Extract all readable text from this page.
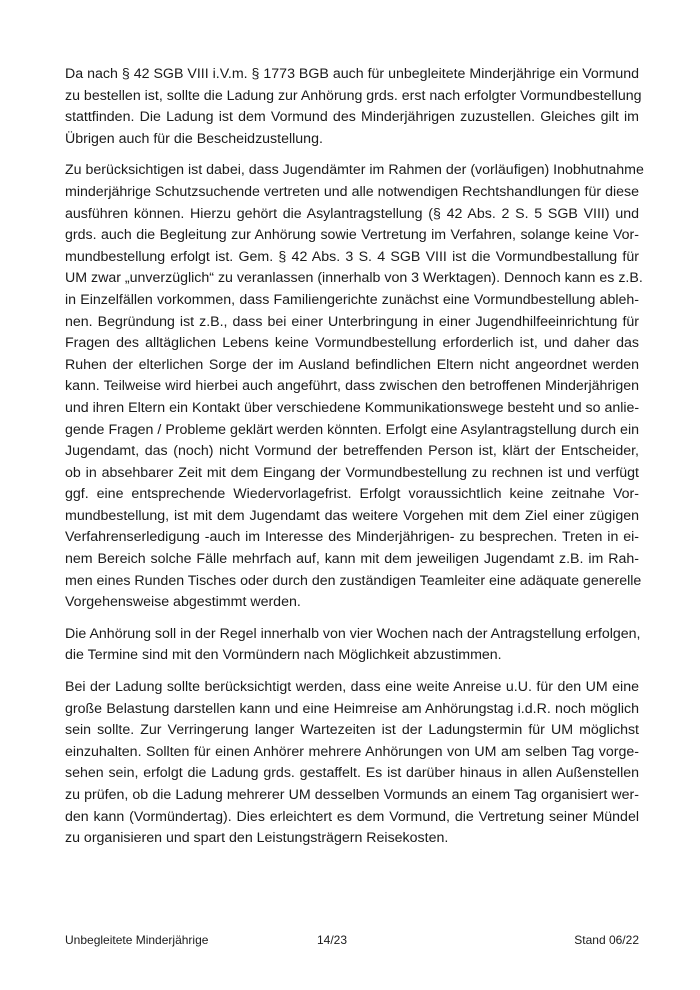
Da nach § 42 SGB VIII i.V.m. § 1773 BGB auch für unbegleitete Minderjährige ein Vormund
zu bestellen ist, sollte die Ladung zur Anhörung grds. erst nach erfolgter Vormundbestellung
stattfinden. Die Ladung ist dem Vormund des Minderjährigen zuzustellen. Gleiches gilt im
Übrigen auch für die Bescheidzustellung.

Zu berücksichtigen ist dabei, dass Jugendämter im Rahmen der (vorläufigen) Inobhutnahme
minderjährige Schutzsuchende vertreten und alle notwendigen Rechtshandlungen für diese
ausführen können. Hierzu gehört die Asylantragstellung (§ 42 Abs. 2 S. 5 SGB VIII) und
grds. auch die Begleitung zur Anhörung sowie Vertretung im Verfahren, solange keine Vor-
mundbestellung erfolgt ist. Gem. § 42 Abs. 3 S. 4 SGB VIII ist die Vormundbestallung für
UM zwar „unverzüglich“ zu veranlassen (innerhalb von 3 Werktagen). Dennoch kann es z.B.
in Einzelfällen vorkommen, dass Familiengerichte zunächst eine Vormundbestellung ableh-
nen. Begründung ist z.B., dass bei einer Unterbringung in einer Jugendhilfeeinrichtung für
Fragen des alltäglichen Lebens keine Vormundbestellung erforderlich ist, und daher das
Ruhen der elterlichen Sorge der im Ausland befindlichen Eltern nicht angeordnet werden
kann. Teilweise wird hierbei auch angeführt, dass zwischen den betroffenen Minderjährigen
und ihren Eltern ein Kontakt über verschiedene Kommunikationswege besteht und so anlie-
gende Fragen / Probleme geklärt werden könnten. Erfolgt eine Asylantragstellung durch ein
Jugendamt, das (noch) nicht Vormund der betreffenden Person ist, klärt der Entscheider,
ob in absehbarer Zeit mit dem Eingang der Vormundbestellung zu rechnen ist und verfügt
ggf. eine entsprechende Wiedervorlagefrist. Erfolgt voraussichtlich keine zeitnahe Vor-
mundbestellung, ist mit dem Jugendamt das weitere Vorgehen mit dem Ziel einer zügigen
Verfahrenserledigung -auch im Interesse des Minderjährigen- zu besprechen. Treten in ei-
nem Bereich solche Fälle mehrfach auf, kann mit dem jeweiligen Jugendamt z.B. im Rah-
men eines Runden Tisches oder durch den zuständigen Teamleiter eine adäquate generelle
Vorgehensweise abgestimmt werden.

Die Anhörung soll in der Regel innerhalb von vier Wochen nach der Antragstellung erfolgen,
die Termine sind mit den Vormündern nach Möglichkeit abzustimmen.

Bei der Ladung sollte berücksichtigt werden, dass eine weite Anreise u.U. für den UM eine
große Belastung darstellen kann und eine Heimreise am Anhörungstag i.d.R. noch möglich
sein sollte. Zur Verringerung langer Wartezeiten ist der Ladungstermin für UM möglichst
einzuhalten. Sollten für einen Anhörer mehrere Anhörungen von UM am selben Tag vorge-
sehen sein, erfolgt die Ladung grds. gestaffelt. Es ist darüber hinaus in allen Außenstellen
zu prüfen, ob die Ladung mehrerer UM desselben Vormunds an einem Tag organisiert wer-
den kann (Vormündertag). Dies erleichtert es dem Vormund, die Vertretung seiner Mündel
zu organisieren und spart den Leistungsträgern Reisekosten.

Unbegleitete Minderjährige	14/23	Stand 06/22
